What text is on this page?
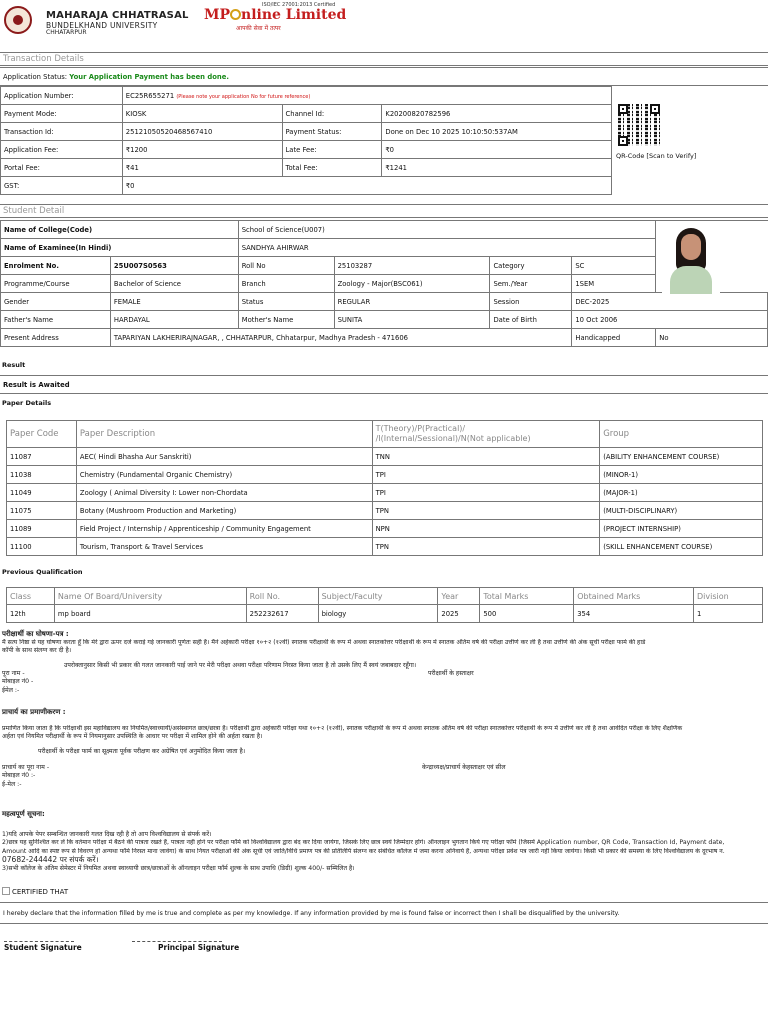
MAHARAJA CHHATRASAL
BUNDELKHAND UNIVERSITY
CHHATARPUR
ISO/IEC 27001:2013 Certified
MP nline Limited
आपकी सेवा में तत्पर
Transaction Details
Application Status: Your Application Payment has been done.
Application Number:	EC25R655271 (Please note your application No for future reference)		
Payment Mode:	KIOSK	Channel Id:	K20200820782596
Transaction Id:	25121050520468567410	Payment Status:	Done on Dec 10 2025 10:10:50:537AM
Application Fee:	₹1200	Late Fee:	₹0
Portal Fee:	₹41	Total Fee:	₹1241
GST:	₹0		
QR-Code [Scan to Verify]
Student Detail
Name of College(Code)		School of Science(U007)				
Name of Examinee(In Hindi)		SANDHYA AHIRWAR				
Enrolment No.	25U007S0563	Roll No	25103287	Category	SC	
Programme/Course	Bachelor of Science	Branch	Zoology - Major(BSC061)	Sem./Year	1SEM	
Gender	FEMALE	Status	REGULAR	Session	DEC-2025	
Father's Name	HARDAYAL	Mother's Name	SUNITA	Date of Birth	10 Oct 2006	
Present Address	TAPARIYAN LAKHERIRAJNAGAR, , CHHATARPUR, Chhatarpur, Madhya Pradesh - 471606				Handicapped	No
Result
Result is Awaited
Paper Details
Paper Code	Paper Description	T(Theory)/P(Practical)/
/I(Internal/Sessional)/N(Not applicable)	Group
11087	AEC( Hindi Bhasha Aur Sanskriti)	TNN	(ABILITY ENHANCEMENT COURSE)
11038	Chemistry (Fundamental Organic Chemistry)	TPI	(MINOR-1)
11049	Zoology ( Animal Diversity I: Lower non-Chordata	TPI	(MAJOR-1)
11075	Botany (Mushroom Production and Marketing)	TPN	(MULTI-DISCIPLINARY)
11089	Field Project / Internship / Apprenticeship / Community Engagement	NPN	(PROJECT INTERNSHIP)
11100	Tourism, Transport & Travel Services	TPN	(SKILL ENHANCEMENT COURSE)
Previous Qualification
Class	Name Of Board/University	Roll No.	Subject/Faculty	Year	Total Marks	Obtained Marks	Division
12th	mp board	252232617	biology	2025	500	354	1
परीक्षार्थी का घोषणा-पत्र :
मैं सत्य निष्ठा से यह घोषणा करता हूँ कि मेरे द्वारा ऊपर दर्ज कराई गई जानकारी पूर्णतः सही है। मैंने अर्हकारी परीक्षा १०+२ (१२वीं) स्नातक परीक्षार्थी के रूप में अथवा स्नातकोत्तर परीक्षार्थी के रूप में स्नातक अंतिम वर्ष की परीक्षा उत्तीर्ण कर ली है तथा उत्तीर्ण की अंक सूची परीक्षा फार्म की हार्ड
कॉपी के साथ संलग्न कर दी है।
उपरोक्तानुसार किसी भी प्रकार की गलत जानकारी पाई जाने पर मेरी परीक्षा अथवा परीक्षा परिणाम निरस्त किया जाता है तो उसके लिए मैं स्वयं जबाबदार रहूँगा।
परीक्षार्थी के हस्ताक्षर
पूरा नाम -
मोबाइल नं0 -
ईमेल :-
प्राचार्य का प्रमाणीकरण :
प्रमाणित किया जाता है कि परीक्षार्थी इस महाविद्यालय का नियमित/स्वाध्यायी/असंस्थागत छात्र/छात्रा है। परीक्षार्थी द्वारा अर्हकारी परीक्षा यथा १०+२ (१२वीं), स्नातक परीक्षार्थी के रूप में अथवा स्नातक अंतिम वर्ष की परीक्षा स्नातकोत्तर परीक्षार्थी के रूप में उत्तीर्ण कर ली है तथा आवेदित परीक्षा के लिए शैक्षणिक
अर्हता एवं नियमित परीक्षार्थी के रूप में नियमानुसार उपस्थिति के आधार पर परीक्षा में शामिल होने की अर्हता रखता है।
परीक्षार्थी के परीक्षा फार्म का सूक्ष्मता पूर्वक परीक्षण कर अग्रेषित एवं अनुमोदित किया जाता है।
प्राचार्य का पूरा नाम -	केन्द्राध्यक्ष/प्राचार्य केहस्ताक्षर एवं सील
मोबाइल नं0 :-
ई-मेल :-
महत्वपूर्ण सूचना:
1)यदि आपके पेपर सम्बन्धित जानकारी गलत दिख रही है तो आप विश्वविद्यालय से संपर्क करें।
2)छात्र यह सुनिश्चित कर लें कि वर्तमान परीक्षा में बैठने की पात्रता रखते हैं, पात्रता नहीं होने पर परीक्षा फॉर्म को विश्वविद्यालय द्वारा बंद कर दिया जायेगा, जिसके लिए छात्र स्वयं जिम्मेदार होंगे। ऑनलाइन भुगतान किये गए परीक्षा फॉर्म (जिसमें Application number, QR Code, Transaction Id, Payment date,
Amount आदि का स्पष्ट रूप से विवरण हो अन्यथा फॉर्म निरस्त माना जावेगा) के साथ नियत परीक्षाओं की अंक सूची एवं जाति/विधि प्रमाण पत्र की प्रतिलिपि संलग्न कर संबंधित कॉलेज में जमा करना अनिवार्य है, अन्यथा परीक्षा प्रवेश पत्र जारी नहीं किया जायेगा। किसी भी प्रकार की समस्या के लिए विश्वविद्यालय के दूरभाष न.
07682-244442 पर संपर्क करें।
3)सभी कॉलेज के अंतिम सेमेस्टर में नियमित अथवा स्वाध्यायी छात्र/छात्राओं के ऑनलाइन परीक्षा फॉर्म शुल्क के साथ उपाधि (डिग्री) शुल्क 400/- सम्मिलित है।
CERTIFIED THAT
I hereby declare that the information filled by me is true and complete as per my knowledge. If any information provided by me is found false or incorrect then I shall be disqualified by the university.
Student Signature	Principal Signature
